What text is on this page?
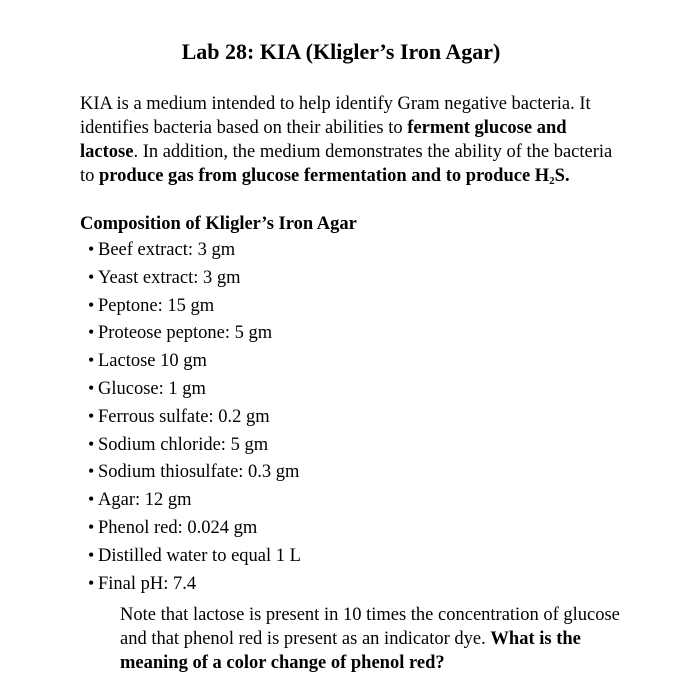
Lab 28: KIA (Kligler’s Iron Agar)

KIA is a medium intended to help identify Gram negative bacteria. It identifies bacteria based on their abilities to ferment glucose and lactose. In addition, the medium demonstrates the ability of the bacteria to produce gas from glucose fermentation and to produce $H_2S$.

Composition of Kligler’s Iron Agar
• Beef extract: 3 gm
• Yeast extract: 3 gm
• Peptone: 15 gm
• Proteose peptone: 5 gm
• Lactose 10 gm
• Glucose: 1 gm
• Ferrous sulfate: 0.2 gm
• Sodium chloride: 5 gm
• Sodium thiosulfate: 0.3 gm
• Agar: 12 gm
• Phenol red: 0.024 gm
• Distilled water to equal 1 L
• Final pH: 7.4

Note that lactose is present in 10 times the concentration of glucose and that phenol red is present as an indicator dye. What is the meaning of a color change of phenol red?
